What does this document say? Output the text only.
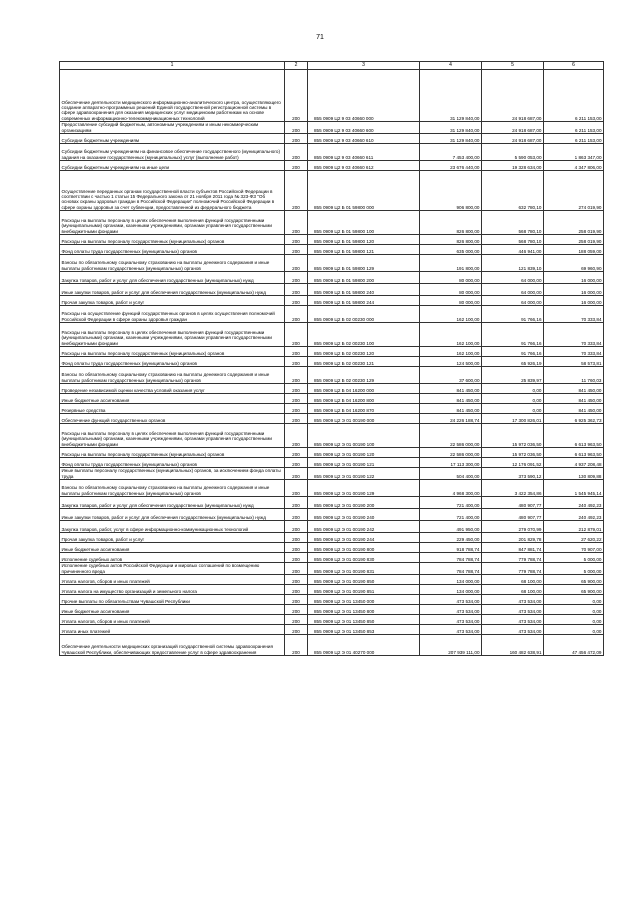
71
1	2	3	4	5	6
Обеспечение деятельности медицинского информационно-аналитического центра, осуществляющего создание аппаратно-программных решений Единой государственной регистрационной системы в сфере здравоохранения для оказания медицинских услуг медицинским работникам на основе современных информационно-телекоммуникационных технологий	200	855 0909 Ц2 9 03 40660 000	31 129 840,00	24 918 687,00	6 211 153,00
Предоставление субсидий бюджетным, автономным учреждениям и иным некоммерческим организациям	200	855 0909 Ц2 9 03 40660 600	31 129 840,00	24 918 687,00	6 211 153,00
Субсидии бюджетным учреждениям	200	855 0909 Ц2 9 03 40660 610	31 129 840,00	24 918 687,00	6 211 153,00
Субсидии бюджетным учреждениям на финансовое обеспечение государственного (муниципального) задания на оказание государственных (муниципальных) услуг (выполнение работ)	200	855 0909 Ц2 9 03 40660 611	7 453 400,00	5 590 053,00	1 863 347,00
Субсидии бюджетным учреждениям на иные цели	200	855 0909 Ц2 9 03 40660 612	23 676 440,00	19 328 634,00	4 347 806,00
Осуществление переданных органам государственной власти субъектов Российской Федерации в соответствии с частью 1 статьи 15 Федерального закона от 21 ноября 2011 года № 323-ФЗ "Об основах охраны здоровья граждан в Российской Федерации" полномочий Российской Федерации в сфере охраны здоровья за счет субвенции, предоставленной из федерального бюджета	200	855 0909 Ц2 Б 01 59800 000	906 800,00	632 780,10	274 019,90
Расходы на выплаты персоналу в целях обеспечения выполнения функций государственными (муниципальными) органами, казенными учреждениями, органами управления государственными внебюджетными фондами	200	855 0909 Ц2 Б 01 59800 100	826 800,00	568 780,10	258 019,90
Расходы на выплаты персоналу государственных (муниципальных) органов	200	855 0909 Ц2 Б 01 59800 120	826 800,00	568 780,10	258 019,90
Фонд оплаты труда государственных (муниципальных) органов	200	855 0909 Ц2 Б 01 59800 121	635 000,00	446 941,00	188 059,00
Взносы по обязательному социальному страхованию на выплаты денежного содержания и иные выплаты работникам государственных (муниципальных) органов	200	855 0909 Ц2 Б 01 59800 129	191 800,00	121 839,10	69 960,90
Закупка товаров, работ и услуг для обеспечения государственных (муниципальных) нужд	200	855 0909 Ц2 Б 01 59800 200	80 000,00	64 000,00	16 000,00
Иные закупки товаров, работ и услуг для обеспечения государственных (муниципальных) нужд	200	855 0909 Ц2 Б 01 59800 240	80 000,00	64 000,00	16 000,00
Прочая закупка товаров, работ и услуг	200	855 0909 Ц2 Б 01 59800 244	80 000,00	64 000,00	16 000,00
Расходы на осуществление функций государственных органов в целях осуществления полномочий Российской Федерации в сфере охраны здоровья граждан	200	855 0909 Ц2 Б 02 00230 000	162 100,00	91 766,16	70 333,84
Расходы на выплаты персоналу в целях обеспечения выполнения функций государственными (муниципальными) органами, казенными учреждениями, органами управления государственными внебюджетными фондами	200	855 0909 Ц2 Б 02 00230 100	162 100,00	91 766,16	70 333,84
Расходы на выплаты персоналу государственных (муниципальных) органов	200	855 0909 Ц2 Б 02 00230 120	162 100,00	91 766,16	70 333,84
Фонд оплаты труда государственных (муниципальных) органов	200	855 0909 Ц2 Б 02 00230 121	124 500,00	65 926,19	58 573,81
Взносы по обязательному социальному страхованию на выплаты денежного содержания и иные выплаты работникам государственных (муниципальных) органов	200	855 0909 Ц2 Б 02 00230 129	37 600,00	25 839,97	11 760,03
Проведение независимой оценки качества условий оказания услуг	200	855 0909 Ц2 Б 04 16200 000	841 450,00	0,00	841 450,00
Иные бюджетные ассигнования	200	855 0909 Ц2 Б 04 16200 800	841 450,00	0,00	841 450,00
Резервные средства	200	855 0909 Ц2 Б 04 16200 870	841 450,00	0,00	841 450,00
Обеспечение функций государственных органов	200	855 0909 Ц2 Э 01 00190 000	24 226 188,74	17 300 826,01	6 925 362,73
Расходы на выплаты персоналу в целях обеспечения выполнения функций государственными (муниципальными) органами, казенными учреждениями, органами управления государственными внебюджетными фондами	200	855 0909 Ц2 Э 01 00190 100	22 586 000,00	15 972 036,50	6 613 963,50
Расходы на выплаты персоналу государственных (муниципальных) органов	200	855 0909 Ц2 Э 01 00190 120	22 586 000,00	15 972 036,50	6 613 963,50
Фонд оплаты труда государственных (муниципальных) органов	200	855 0909 Ц2 Э 01 00190 121	17 113 300,00	12 176 091,52	4 937 208,48
Иные выплаты персоналу государственных (муниципальных) органов, за исключением фонда оплаты труда	200	855 0909 Ц2 Э 01 00190 122	504 400,00	373 590,12	130 809,88
Взносы по обязательному социальному страхованию на выплаты денежного содержания и иные выплаты работникам государственных (муниципальных) органов	200	855 0909 Ц2 Э 01 00190 129	4 968 300,00	3 422 354,86	1 545 945,14
Закупка товаров, работ и услуг для обеспечения государственных (муниципальных) нужд	200	855 0909 Ц2 Э 01 00190 200	721 400,00	480 907,77	240 492,23
Иные закупки товаров, работ и услуг для обеспечения государственных (муниципальных) нужд	200	855 0909 Ц2 Э 01 00190 240	721 400,00	480 907,77	240 492,23
Закупка товаров, работ, услуг в сфере информационно-коммуникационных технологий	200	855 0909 Ц2 Э 01 00190 242	491 950,00	279 070,99	212 879,01
Прочая закупка товаров, работ и услуг	200	855 0909 Ц2 Э 01 00190 244	229 450,00	201 829,78	27 620,22
Иные бюджетные ассигнования	200	855 0909 Ц2 Э 01 00190 800	918 788,74	847 881,74	70 907,00
Исполнение судебных актов	200	855 0909 Ц2 Э 01 00190 830	784 788,74	779 788,74	5 000,00
Исполнение судебных актов Российской Федерации и мировых соглашений по возмещению причиненного вреда	200	855 0909 Ц2 Э 01 00190 831	784 788,74	779 788,74	5 000,00
Уплата налогов, сборов и иных платежей	200	855 0909 Ц2 Э 01 00190 850	134 000,00	68 100,00	65 900,00
Уплата налога на имущество организаций и земельного налога	200	855 0909 Ц2 Э 01 00190 851	134 000,00	68 100,00	65 900,00
Прочие выплаты по обязательствам Чувашской Республики	200	855 0909 Ц2 Э 01 13450 000	473 534,00	473 534,00	0,00
Иные бюджетные ассигнования	200	855 0909 Ц2 Э 01 13450 800	473 534,00	473 534,00	0,00
Уплата налогов, сборов и иных платежей	200	855 0909 Ц2 Э 01 13450 850	473 534,00	473 534,00	0,00
Уплата иных платежей	200	855 0909 Ц2 Э 01 13450 853	473 534,00	473 534,00	0,00
Обеспечение деятельности медицинских организаций государственной системы здравоохранения Чувашской Республики, обеспечивающих предоставление услуг в сфере здравоохранения	200	855 0909 Ц2 Э 01 40270 000	207 939 111,00	160 482 638,91	47 456 472,09
